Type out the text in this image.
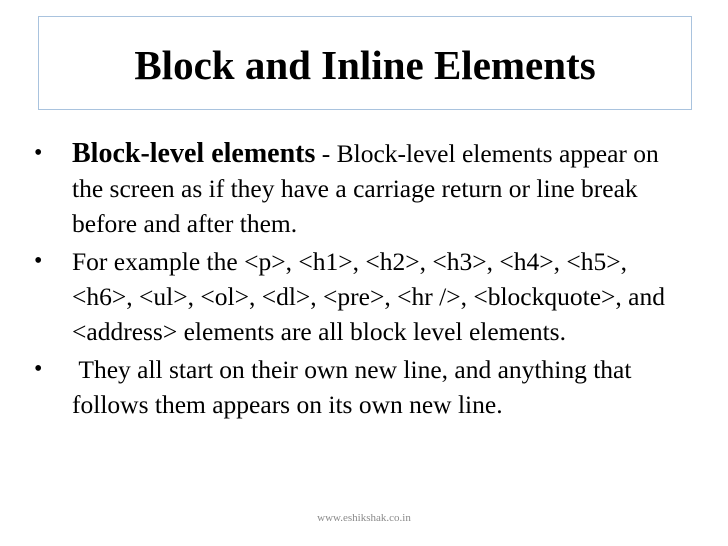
Block and Inline Elements
• Block-level elements - Block-level elements appear on the screen as if they have a carriage return or line break before and after them.
• For example the <p>, <h1>, <h2>, <h3>, <h4>, <h5>, <h6>, <ul>, <ol>, <dl>, <pre>, <hr />, <blockquote>, and <address> elements are all block level elements.
• They all start on their own new line, and anything that follows them appears on its own new line.
www.eshikshak.co.in
